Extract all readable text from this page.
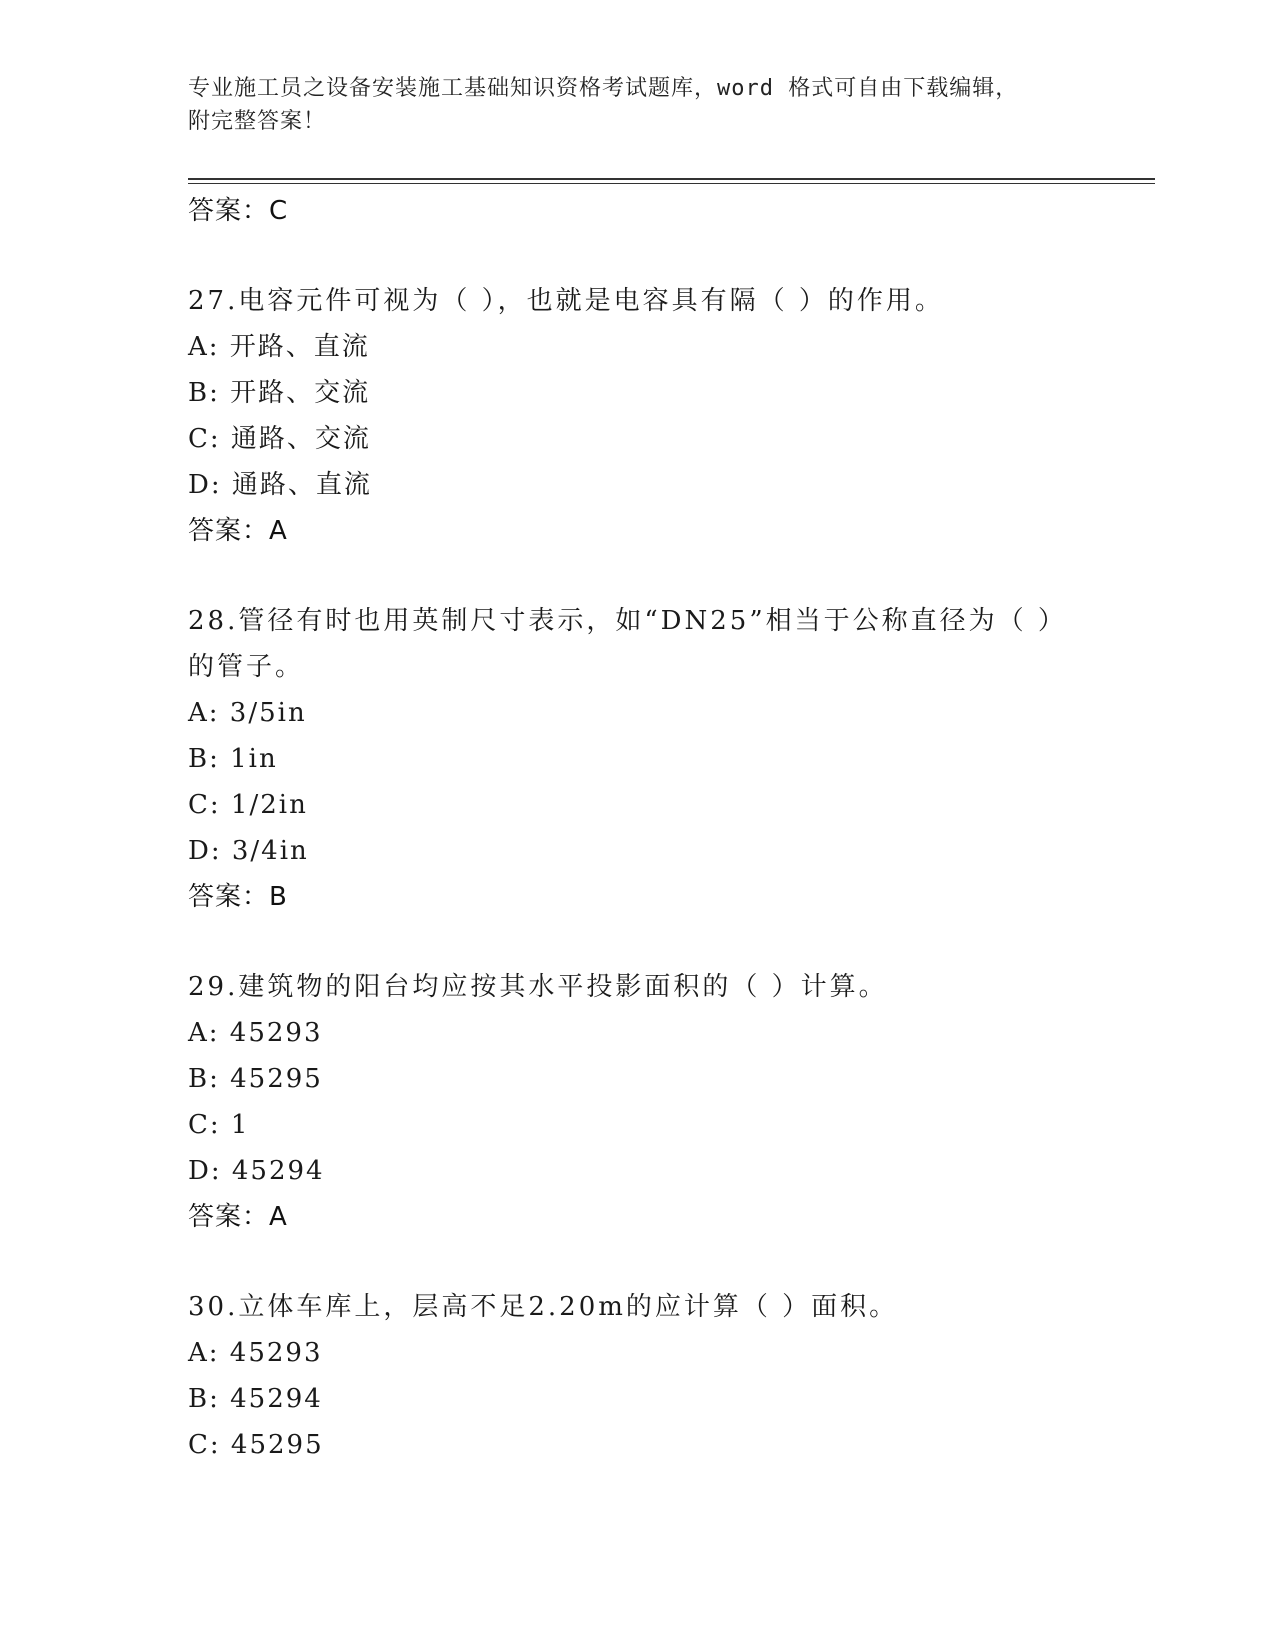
专业施工员之设备安装施工基础知识资格考试题库，word 格式可自由下载编辑，
附完整答案！

答案：C

27.电容元件可视为（ ），也就是电容具有隔（ ）的作用。

A: 开路、直流

B: 开路、交流

C: 通路、交流

D: 通路、直流

答案：A

28.管径有时也用英制尺寸表示，如“DN25”相当于公称直径为（ ）

的管子。

A: 3/5in

B: 1in

C: 1/2in

D: 3/4in

答案：B

29.建筑物的阳台均应按其水平投影面积的（ ）计算。

A: 45293

B: 45295

C: 1

D: 45294

答案：A

30.立体车库上，层高不足2.20m的应计算（ ）面积。

A: 45293

B: 45294

C: 45295
